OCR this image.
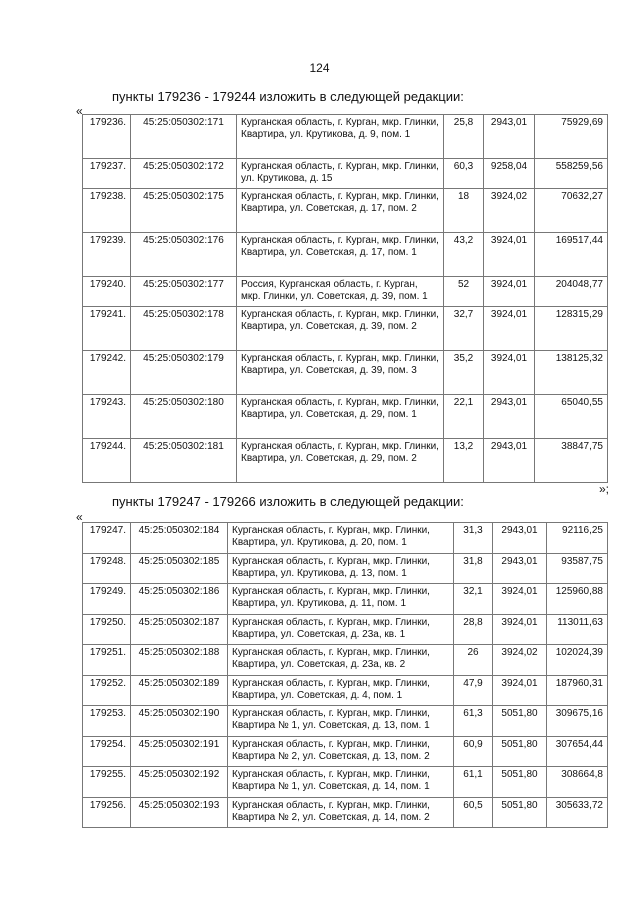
124
пункты 179236 - 179244 изложить в следующей редакции:
«
179236.	45:25:050302:171	Курганская область, г. Курган, мкр. Глинки, Квартира, ул. Крутикова, д. 9, пом. 1	25,8	2943,01	75929,69
179237.	45:25:050302:172	Курганская область, г. Курган, мкр. Глинки, ул. Крутикова, д. 15	60,3	9258,04	558259,56
179238.	45:25:050302:175	Курганская область, г. Курган, мкр. Глинки, Квартира, ул. Советская, д. 17, пом. 2	18	3924,02	70632,27
179239.	45:25:050302:176	Курганская область, г. Курган, мкр. Глинки, Квартира, ул. Советская, д. 17, пом. 1	43,2	3924,01	169517,44
179240.	45:25:050302:177	Россия, Курганская область, г. Курган, мкр. Глинки, ул. Советская, д. 39, пом. 1	52	3924,01	204048,77
179241.	45:25:050302:178	Курганская область, г. Курган, мкр. Глинки, Квартира, ул. Советская, д. 39, пом. 2	32,7	3924,01	128315,29
179242.	45:25:050302:179	Курганская область, г. Курган, мкр. Глинки, Квартира, ул. Советская, д. 39, пом. 3	35,2	3924,01	138125,32
179243.	45:25:050302:180	Курганская область, г. Курган, мкр. Глинки, Квартира, ул. Советская, д. 29, пом. 1	22,1	2943,01	65040,55
179244.	45:25:050302:181	Курганская область, г. Курган, мкр. Глинки, Квартира, ул. Советская, д. 29, пом. 2	13,2	2943,01	38847,75
»;
пункты 179247 - 179266 изложить в следующей редакции:
«
179247.	45:25:050302:184	Курганская область, г. Курган, мкр. Глинки, Квартира, ул. Крутикова, д. 20, пом. 1	31,3	2943,01	92116,25
179248.	45:25:050302:185	Курганская область, г. Курган, мкр. Глинки, Квартира, ул. Крутикова, д. 13, пом. 1	31,8	2943,01	93587,75
179249.	45:25:050302:186	Курганская область, г. Курган, мкр. Глинки, Квартира, ул. Крутикова, д. 11, пом. 1	32,1	3924,01	125960,88
179250.	45:25:050302:187	Курганская область, г. Курган, мкр. Глинки, Квартира, ул. Советская, д. 23а, кв. 1	28,8	3924,01	113011,63
179251.	45:25:050302:188	Курганская область, г. Курган, мкр. Глинки, Квартира, ул. Советская, д. 23а, кв. 2	26	3924,02	102024,39
179252.	45:25:050302:189	Курганская область, г. Курган, мкр. Глинки, Квартира, ул. Советская, д. 4, пом. 1	47,9	3924,01	187960,31
179253.	45:25:050302:190	Курганская область, г. Курган, мкр. Глинки, Квартира № 1, ул. Советская, д. 13, пом. 1	61,3	5051,80	309675,16
179254.	45:25:050302:191	Курганская область, г. Курган, мкр. Глинки, Квартира № 2, ул. Советская, д. 13, пом. 2	60,9	5051,80	307654,44
179255.	45:25:050302:192	Курганская область, г. Курган, мкр. Глинки, Квартира № 1, ул. Советская, д. 14, пом. 1	61,1	5051,80	308664,8
179256.	45:25:050302:193	Курганская область, г. Курган, мкр. Глинки, Квартира № 2, ул. Советская, д. 14, пом. 2	60,5	5051,80	305633,72
